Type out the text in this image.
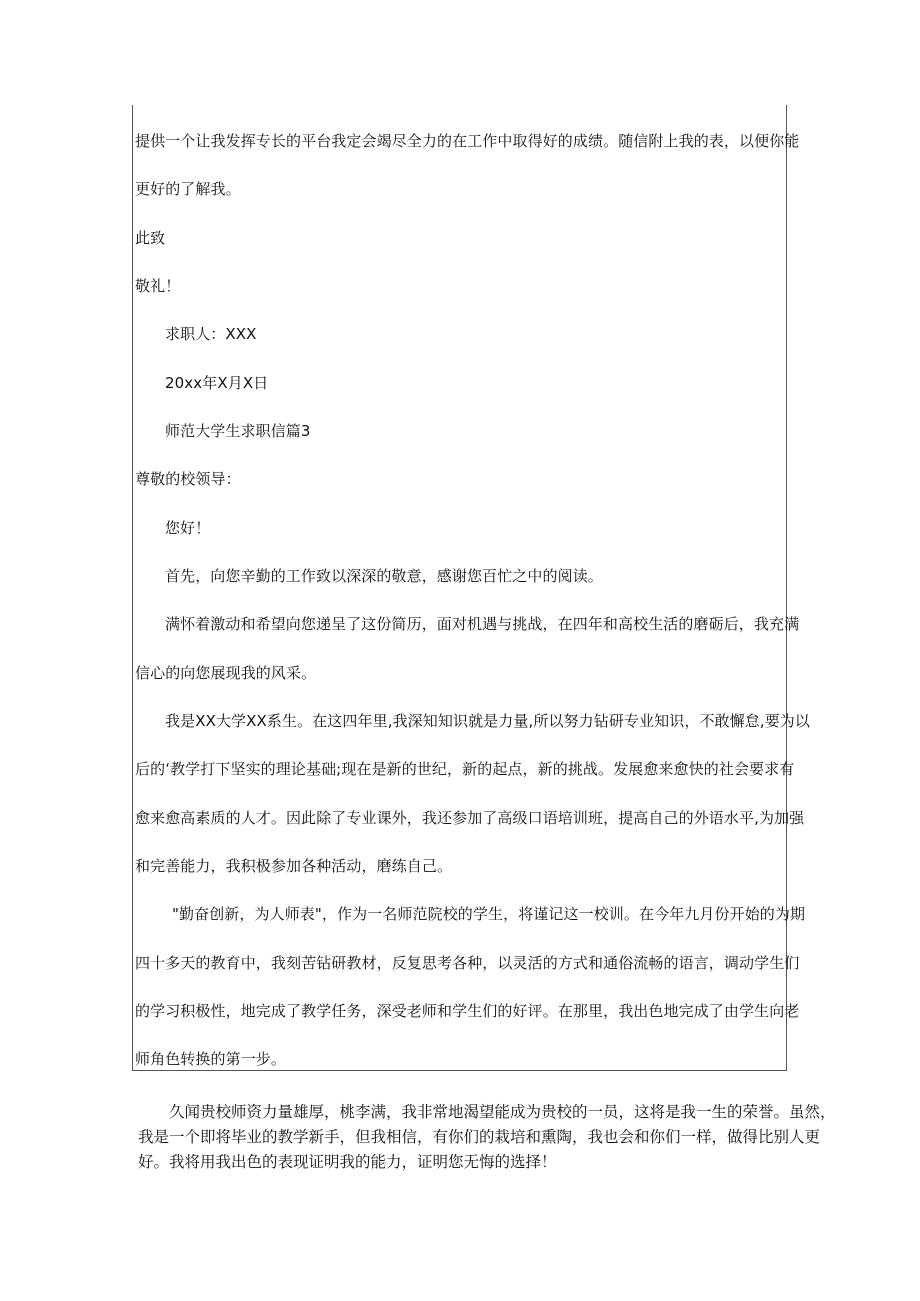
提供一个让我发挥专长的平台我定会竭尽全力的在工作中取得好的成绩。随信附上我的表，以便你能
更好的了解我。
此致
敬礼！
求职人：XXX
20xx年X月X日
师范大学生求职信篇3
尊敬的校领导：
您好！
首先，向您辛勤的工作致以深深的敬意，感谢您百忙之中的阅读。
满怀着激动和希望向您递呈了这份简历，面对机遇与挑战，在四年和高校生活的磨砺后，我充满
信心的向您展现我的风采。
我是XX大学XX系生。在这四年里,我深知知识就是力量,所以努力钻研专业知识，不敢懈怠,要为以
后的‘教学打下坚实的理论基础;现在是新的世纪，新的起点，新的挑战。发展愈来愈快的社会要求有
愈来愈高素质的人才。因此除了专业课外，我还参加了高级口语培训班，提高自己的外语水平,为加强
和完善能力，我积极参加各种活动，磨练自己。
"勤奋创新，为人师表"，作为一名师范院校的学生，将谨记这一校训。在今年九月份开始的为期
四十多天的教育中，我刻苦钻研教材，反复思考各种，以灵活的方式和通俗流畅的语言，调动学生们
的学习积极性，地完成了教学任务，深受老师和学生们的好评。在那里，我出色地完成了由学生向老
师角色转换的第一步。

久闻贵校师资力量雄厚，桃李满，我非常地渴望能成为贵校的一员，这将是我一生的荣誉。虽然，

我是一个即将毕业的教学新手，但我相信，有你们的栽培和熏陶，我也会和你们一样，做得比别人更

好。我将用我出色的表现证明我的能力，证明您无悔的选择！
